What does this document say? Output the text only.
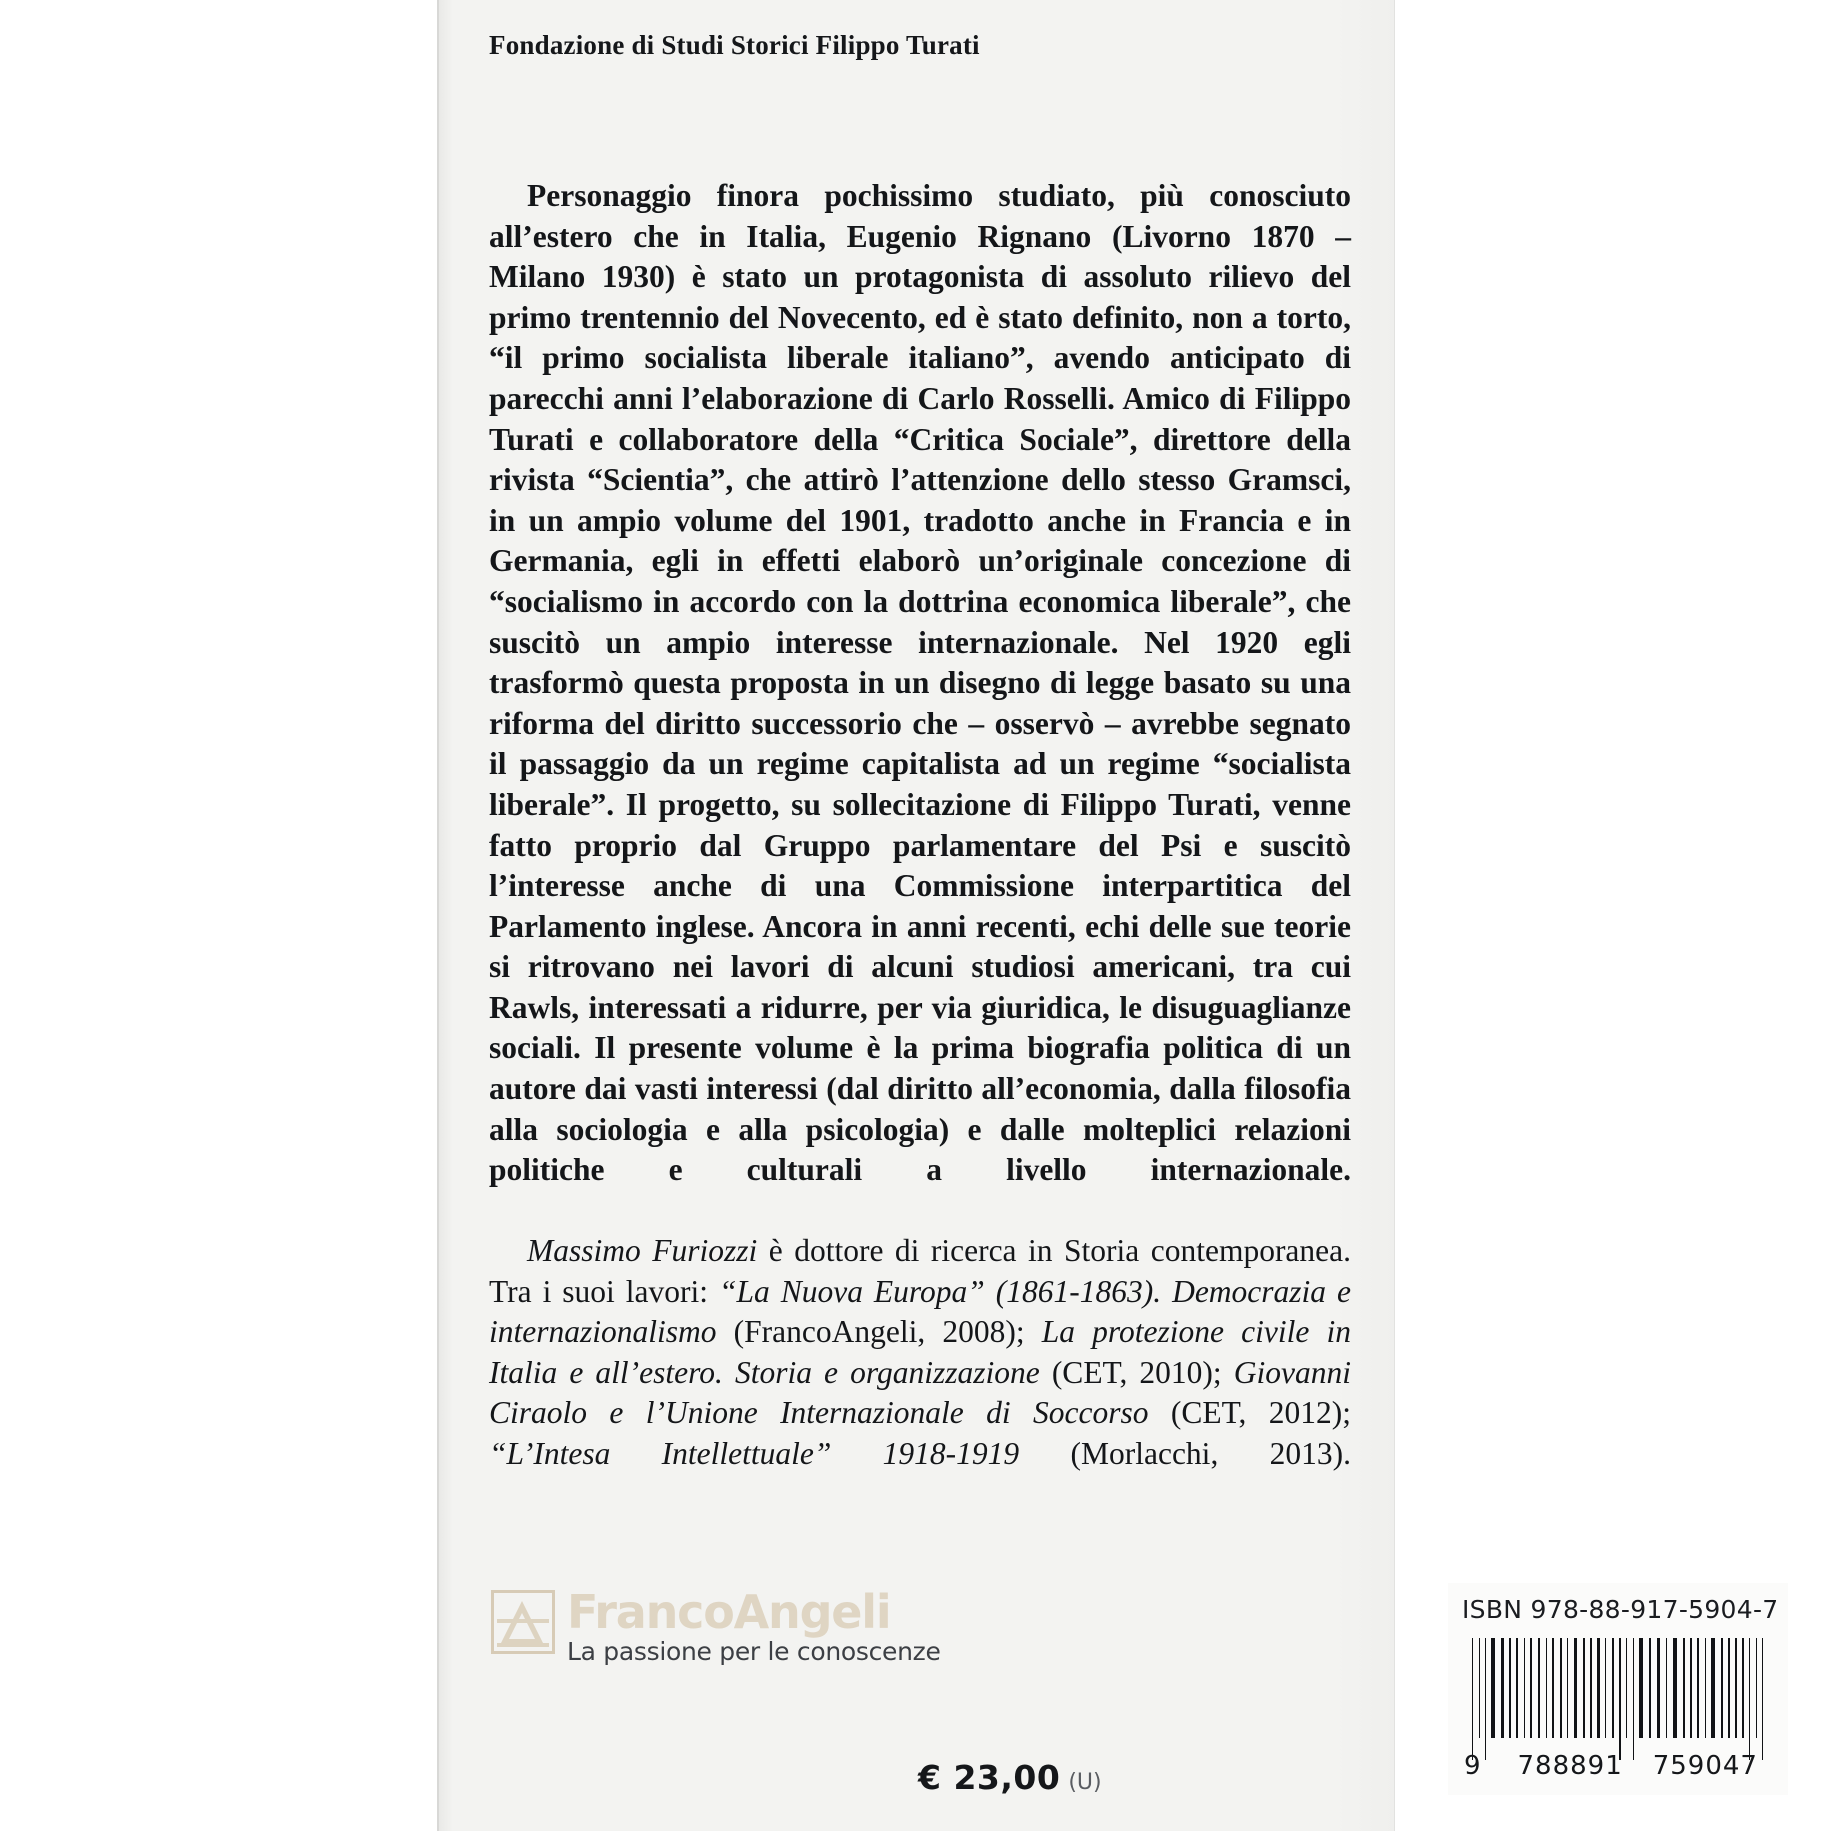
Fondazione di Studi Storici Filippo Turati

Personaggio finora pochissimo studiato, più conosciuto all’estero che in Italia, Eugenio Rignano (Livorno 1870 – Milano 1930) è stato un protagonista di assoluto rilievo del primo trentennio del Novecento, ed è stato definito, non a torto, “il primo socialista liberale italiano”, avendo anticipato di parecchi anni l’elaborazione di Carlo Rosselli. Amico di Filippo Turati e collaboratore della “Critica Sociale”, direttore della rivista “Scientia”, che attirò l’attenzione dello stesso Gramsci, in un ampio volume del 1901, tradotto anche in Francia e in Germania, egli in effetti elaborò un’originale concezione di “socialismo in accordo con la dottrina economica liberale”, che suscitò un ampio interesse internazionale. Nel 1920 egli trasformò questa proposta in un disegno di legge basato su una riforma del diritto successorio che – osservò – avrebbe segnato il passaggio da un regime capitalista ad un regime “socialista liberale”. Il progetto, su sollecitazione di Filippo Turati, venne fatto proprio dal Gruppo parlamentare del Psi e suscitò l’interesse anche di una Commissione interpartitica del Parlamento inglese. Ancora in anni recenti, echi delle sue teorie si ritrovano nei lavori di alcuni studiosi americani, tra cui Rawls, interessati a ridurre, per via giuridica, le disuguaglianze sociali. Il presente volume è la prima biografia politica di un autore dai vasti interessi (dal diritto all’economia, dalla filosofia alla sociologia e alla psicologia) e dalle molteplici relazioni politiche e culturali a livello internazionale.

Massimo Furiozzi è dottore di ricerca in Storia contemporanea. Tra i suoi lavori: “La Nuova Europa” (1861-1863). Democrazia e internazionalismo (FrancoAngeli, 2008); La protezione civile in Italia e all’estero. Storia e organizzazione (CET, 2010); Giovanni Ciraolo e l’Unione Internazionale di Soccorso (CET, 2012); “L’Intesa Intellettuale” 1918-1919 (Morlacchi, 2013).

FrancoAngeli
La passione per le conoscenze
ISBN 978-88-917-5904-7
9 788891 759047
€ 23,00 (U)
